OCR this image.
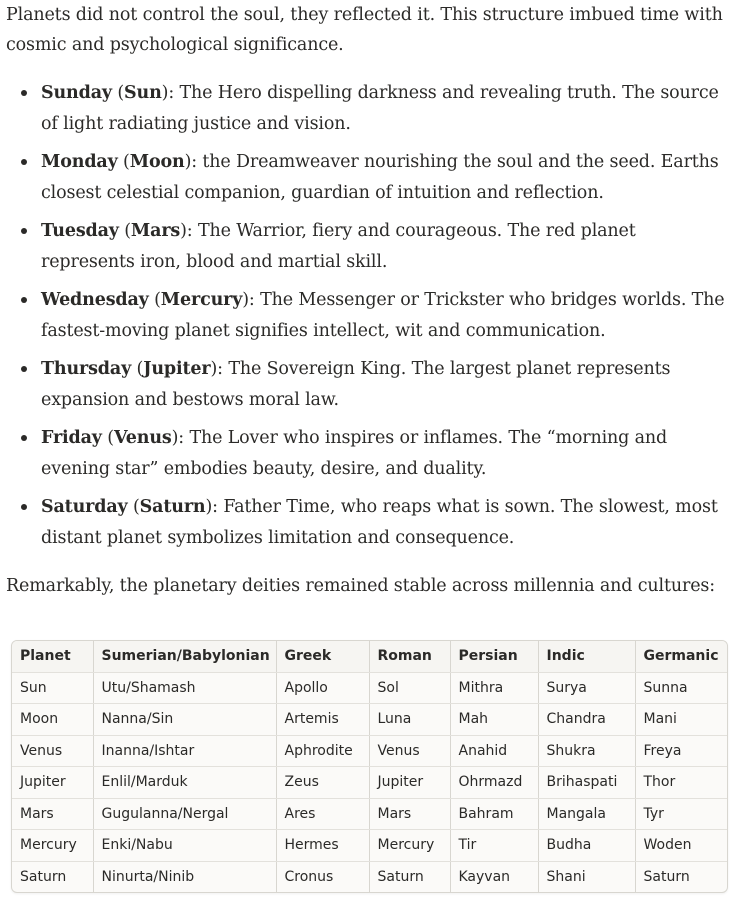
Planets did not control the soul, they reflected it. This structure imbued time with cosmic and psychological significance.

Sunday (Sun): The Hero dispelling darkness and revealing truth. The source of light radiating justice and vision.
Monday (Moon): the Dreamweaver nourishing the soul and the seed. Earths closest celestial companion, guardian of intuition and reflection.
Tuesday (Mars): The Warrior, fiery and courageous. The red planet represents iron, blood and martial skill.
Wednesday (Mercury): The Messenger or Trickster who bridges worlds. The fastest-moving planet signifies intellect, wit and communication.
Thursday (Jupiter): The Sovereign King. The largest planet represents expansion and bestows moral law.
Friday (Venus): The Lover who inspires or inflames. The “morning and evening star” embodies beauty, desire, and duality.
Saturday (Saturn): Father Time, who reaps what is sown. The slowest, most distant planet symbolizes limitation and consequence.

Remarkably, the planetary deities remained stable across millennia and cultures:

Planet	Sumerian/Babylonian	Greek	Roman	Persian	Indic	Germanic
Sun	Utu/Shamash	Apollo	Sol	Mithra	Surya	Sunna
Moon	Nanna/Sin	Artemis	Luna	Mah	Chandra	Mani
Venus	Inanna/Ishtar	Aphrodite	Venus	Anahid	Shukra	Freya
Jupiter	Enlil/Marduk	Zeus	Jupiter	Ohrmazd	Brihaspati	Thor
Mars	Gugulanna/Nergal	Ares	Mars	Bahram	Mangala	Tyr
Mercury	Enki/Nabu	Hermes	Mercury	Tir	Budha	Woden
Saturn	Ninurta/Ninib	Cronus	Saturn	Kayvan	Shani	Saturn
